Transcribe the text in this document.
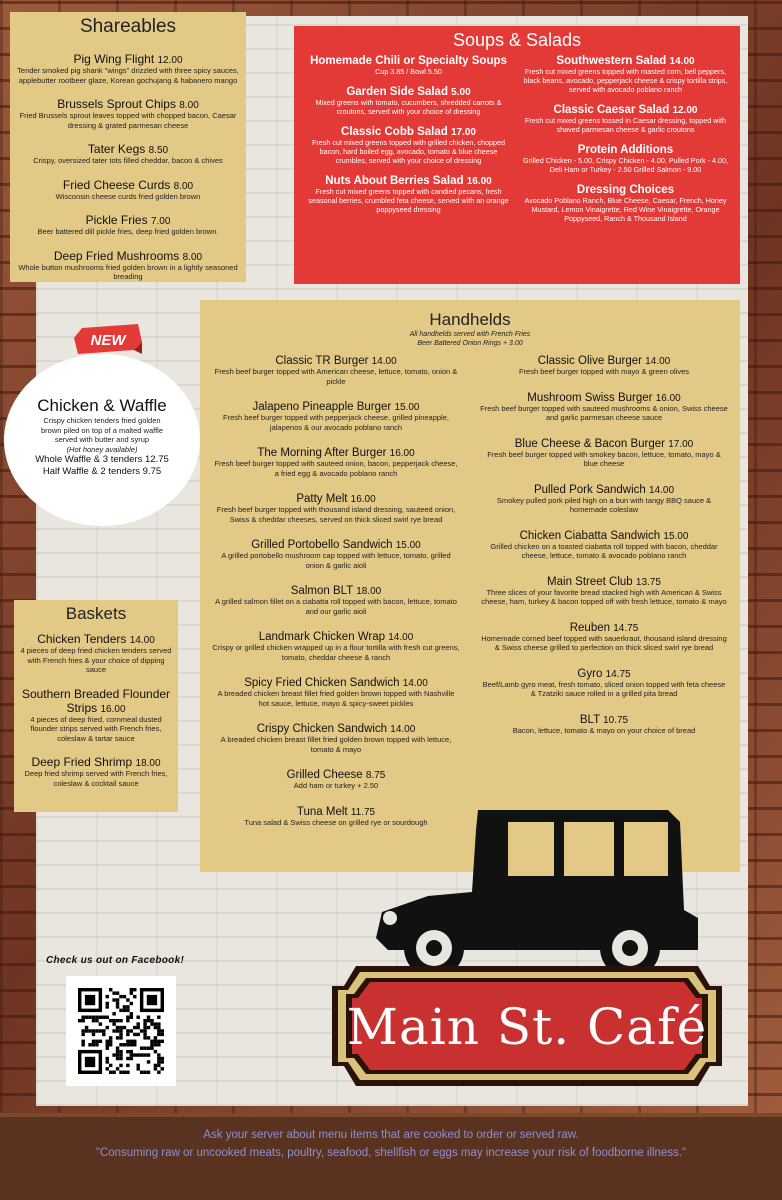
Shareables
Pig Wing Flight 12.00
Tender smoked pig shank "wings" drizzled with three spicy sauces, applebutter rootbeer glaze, Korean gochujang & habanero mango
Brussels Sprout Chips 8.00
Fried Brussels sprout leaves topped with chopped bacon, Caesar dressing & grated parmesan cheese
Tater Kegs 8.50
Crispy, oversized tater tots filled cheddar, bacon & chives
Fried Cheese Curds 8.00
Wisconsin cheese curds fried golden brown
Pickle Fries 7.00
Beer battered dill pickle fries, deep fried golden brown.
Deep Fried Mushrooms 8.00
Whole button mushrooms fried golden brown in a lightly seasoned breading
Soups & Salads
Homemade Chili or Specialty Soups
Cup 3.85 / Bowl 5.50
Garden Side Salad 5.00
Mixed greens with tomato, cucumbers, shredded carrots & croutons, served with your choice of dressing
Classic Cobb Salad 17.00
Fresh cut mixed greens topped with grilled chicken, chopped bacon, hard boiled egg, avocado, tomato & blue cheese crumbles, served with your choice of dressing
Nuts About Berries Salad 16.00
Fresh cut mixed greens topped with candied pecans, fresh seasonal berries, crumbled feta cheese, served with an orange poppyseed dressing
Southwestern Salad 14.00
Fresh cut mixed greens topped with roasted corn, bell peppers, black beans, avocado, pepperjack cheese & crispy tortilla strips, served with avocado poblano ranch
Classic Caesar Salad 12.00
Fresh cut mixed greens tossed in Caesar dressing, topped with shaved parmesan cheese & garlic croutons
Protein Additions
Grilled Chicken - 5.00, Crispy Chicken - 4.00, Pulled Pork - 4.00, Deli Ham or Turkey - 2.50 Grilled Salmon - 9.00
Dressing Choices
Avocado Poblano Ranch, Blue Cheese, Caesar, French, Honey Mustard, Lemon Vinaigrette, Red Wine Vinaigrette, Orange Poppyseed, Ranch & Thousand Island
Handhelds
All handhelds served with French Fries
Beer Battered Onion Rings + 3.00
Classic TR Burger 14.00
Fresh beef burger topped with American cheese, lettuce, tomato, onion & pickle
Jalapeno Pineapple Burger 15.00
Fresh beef burger topped with pepperjack cheese, grilled pineapple, jalapenos & our avocado poblano ranch
The Morning After Burger 16.00
Fresh beef burger topped with sauteed onion, bacon, pepperjack cheese, a fried egg & avocado poblano ranch
Patty Melt 16.00
Fresh beef burger topped with thousand island dressing, sauteed onion, Swiss & cheddar cheeses, served on thick sliced swirl rye bread
Grilled Portobello Sandwich 15.00
A grilled portobello mushroom cap topped with lettuce, tomato, grilled onion & garlic aioli
Salmon BLT 18.00
A grilled salmon fillet on a ciabatta roll topped with bacon, lettuce, tomato and our garlic aioli
Landmark Chicken Wrap 14.00
Crispy or grilled chicken wrapped up in a flour tortilla with fresh cut greens, tomato, cheddar cheese & ranch
Spicy Fried Chicken Sandwich 14.00
A breaded chicken breast fillet fried golden brown topped with Nashville hot sauce, lettuce, mayo & spicy-sweet pickles
Crispy Chicken Sandwich 14.00
A breaded chicken breast fillet fried golden brown topped with lettuce, tomato & mayo
Grilled Cheese 8.75
Add ham or turkey + 2.50
Tuna Melt 11.75
Tuna salad & Swiss cheese on grilled rye or sourdough
Classic Olive Burger 14.00
Fresh beef burger topped with mayo & green olives
Mushroom Swiss Burger 16.00
Fresh beef burger topped with sauteed mushrooms & onion, Swiss cheese and garlic parmesan cheese sauce
Blue Cheese & Bacon Burger 17.00
Fresh beef burger topped with smokey bacon, lettuce, tomato, mayo & blue cheese
Pulled Pork Sandwich 14.00
Smokey pulled pork piled high on a bun with tangy BBQ sauce & homemade coleslaw
Chicken Ciabatta Sandwich 15.00
Grilled chicken on a toasted ciabatta roll topped with bacon, cheddar cheese, lettuce, tomato & avocado poblano ranch
Main Street Club 13.75
Three slices of your favorite bread stacked high with American & Swiss cheese, ham, turkey & bacon topped off with fresh lettuce, tomato & mayo
Reuben 14.75
Homemade corned beef topped with sauerkraut, thousand island dressing & Swiss cheese grilled to perfection on thick sliced swirl rye bread
Gyro 14.75
Beef/Lamb gyro meat, fresh tomato, sliced onion topped with feta cheese & Tzatziki sauce rolled in a grilled pita bread
BLT 10.75
Bacon, lettuce, tomato & mayo on your choice of bread
NEW
Chicken & Waffle
Crispy chicken tenders fried golden brown piled on top of a malted waffle served with butter and syrup
(Hot honey available)
Whole Waffle & 3 tenders 12.75
Half Waffle & 2 tenders 9.75
Baskets
Chicken Tenders 14.00
4 pieces of deep fried chicken tenders served with French fries & your choice of dipping sauce
Southern Breaded Flounder Strips 16.00
4 pieces of deep fried, cornmeal dusted flounder strips served with French fries, coleslaw & tartar sauce
Deep Fried Shrimp 18.00
Deep fried shrimp served with French fries, coleslaw & cocktail sauce
Check us out on Facebook!
Main St. Café
Ask your server about menu items that are cooked to order or served raw.
"Consuming raw or uncooked meats, poultry, seafood, shellfish or eggs may increase your risk of foodborne illness."
